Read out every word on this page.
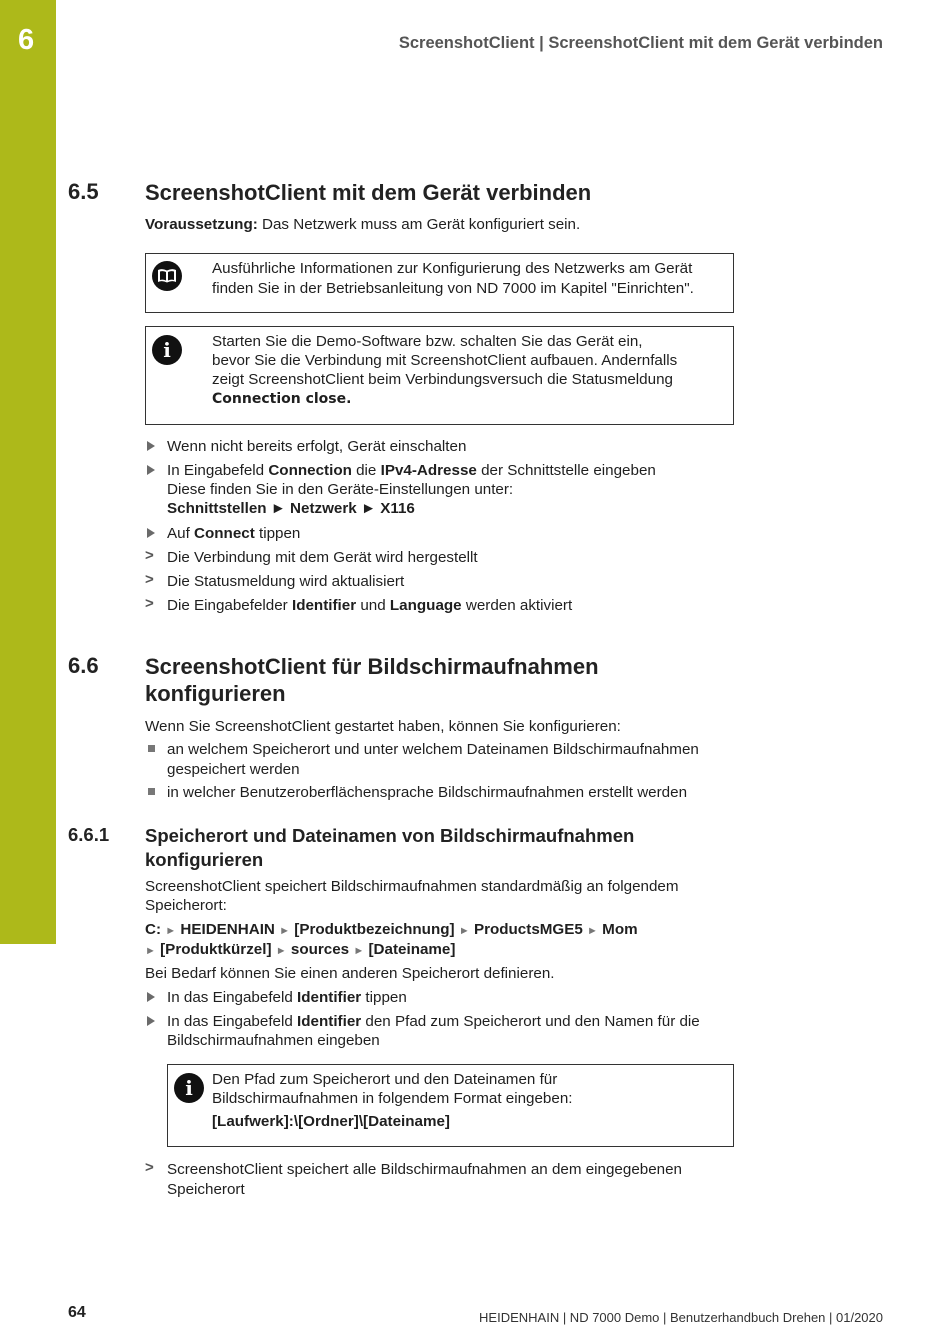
6	ScreenshotClient | ScreenshotClient mit dem Gerät verbinden
6.5 ScreenshotClient mit dem Gerät verbinden
Voraussetzung: Das Netzwerk muss am Gerät konfiguriert sein.
Ausführliche Informationen zur Konfigurierung des Netzwerks am Gerät
finden Sie in der Betriebsanleitung von ND 7000 im Kapitel "Einrichten".
i	Starten Sie die Demo-Software bzw. schalten Sie das Gerät ein,
bevor Sie die Verbindung mit ScreenshotClient aufbauen. Andernfalls
zeigt ScreenshotClient beim Verbindungsversuch die Statusmeldung
Connection close.
Wenn nicht bereits erfolgt, Gerät einschalten
In Eingabefeld Connection die IPv4-Adresse der Schnittstelle eingeben
Diese finden Sie in den Geräte-Einstellungen unter:
Schnittstellen ► Netzwerk ► X116
Auf Connect tippen
> Die Verbindung mit dem Gerät wird hergestellt
> Die Statusmeldung wird aktualisiert
> Die Eingabefelder Identifier und Language werden aktiviert
6.6 ScreenshotClient für Bildschirmaufnahmen
konfigurieren
Wenn Sie ScreenshotClient gestartet haben, können Sie konfigurieren:
an welchem Speicherort und unter welchem Dateinamen Bildschirmaufnahmen
gespeichert werden
in welcher Benutzeroberflächensprache Bildschirmaufnahmen erstellt werden
6.6.1 Speicherort und Dateinamen von Bildschirmaufnahmen
konfigurieren
ScreenshotClient speichert Bildschirmaufnahmen standardmäßig an folgendem
Speicherort:
C: ► HEIDENHAIN ► [Produktbezeichnung] ► ProductsMGE5 ► Mom
► [Produktkürzel] ► sources ► [Dateiname]
Bei Bedarf können Sie einen anderen Speicherort definieren.
In das Eingabefeld Identifier tippen
In das Eingabefeld Identifier den Pfad zum Speicherort und den Namen für die
Bildschirmaufnahmen eingeben
i Den Pfad zum Speicherort und den Dateinamen für
Bildschirmaufnahmen in folgendem Format eingeben:
[Laufwerk]:\[Ordner]\[Dateiname]
> ScreenshotClient speichert alle Bildschirmaufnahmen an dem eingegebenen
Speicherort
64	HEIDENHAIN | ND 7000 Demo | Benutzerhandbuch Drehen | 01/2020
